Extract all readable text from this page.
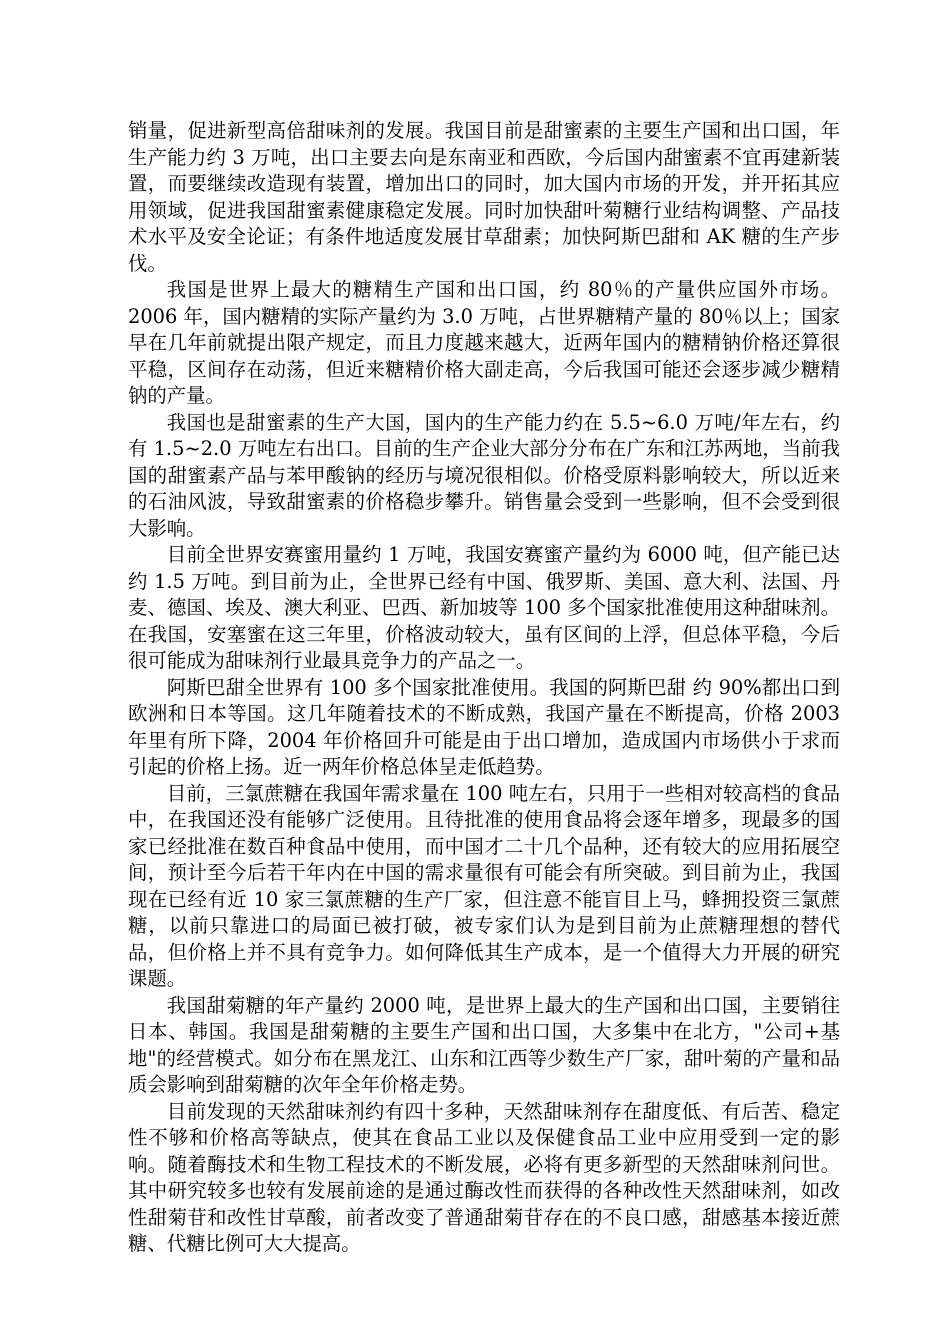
销量，促进新型高倍甜味剂的发展。我国目前是甜蜜素的主要生产国和出口国，年生产能力约 3 万吨，出口主要去向是东南亚和西欧，今后国内甜蜜素不宜再建新装置，而要继续改造现有装置，增加出口的同时，加大国内市场的开发，并开拓其应用领域，促进我国甜蜜素健康稳定发展。同时加快甜叶菊糖行业结构调整、产品技术水平及安全论证；有条件地适度发展甘草甜素；加快阿斯巴甜和 AK 糖的生产步伐。

我国是世界上最大的糖精生产国和出口国，约 80％的产量供应国外市场。2006 年，国内糖精的实际产量约为 3.0 万吨，占世界糖精产量的 80％以上；国家早在几年前就提出限产规定，而且力度越来越大，近两年国内的糖精钠价格还算很平稳，区间存在动荡，但近来糖精价格大副走高，今后我国可能还会逐步减少糖精钠的产量。

我国也是甜蜜素的生产大国，国内的生产能力约在 5.5~6.0 万吨/年左右，约有 1.5~2.0 万吨左右出口。目前的生产企业大部分分布在广东和江苏两地，当前我国的甜蜜素产品与苯甲酸钠的经历与境况很相似。价格受原料影响较大，所以近来的石油风波，导致甜蜜素的价格稳步攀升。销售量会受到一些影响，但不会受到很大影响。

目前全世界安赛蜜用量约 1 万吨，我国安赛蜜产量约为 6000 吨，但产能已达约 1.5 万吨。到目前为止，全世界已经有中国、俄罗斯、美国、意大利、法国、丹麦、德国、埃及、澳大利亚、巴西、新加坡等 100 多个国家批准使用这种甜味剂。在我国，安塞蜜在这三年里，价格波动较大，虽有区间的上浮，但总体平稳，今后很可能成为甜味剂行业最具竞争力的产品之一。

阿斯巴甜全世界有 100 多个国家批准使用。我国的阿斯巴甜 约 90%都出口到欧洲和日本等国。这几年随着技术的不断成熟，我国产量在不断提高，价格 2003 年里有所下降，2004 年价格回升可能是由于出口增加，造成国内市场供小于求而引起的价格上扬。近一两年价格总体呈走低趋势。

目前，三氯蔗糖在我国年需求量在 100 吨左右，只用于一些相对较高档的食品中，在我国还没有能够广泛使用。且待批准的使用食品将会逐年增多，现最多的国家已经批准在数百种食品中使用，而中国才二十几个品种，还有较大的应用拓展空间，预计至今后若干年内在中国的需求量很有可能会有所突破。到目前为止，我国现在已经有近 10 家三氯蔗糖的生产厂家，但注意不能盲目上马，蜂拥投资三氯蔗糖，以前只靠进口的局面已被打破，被专家们认为是到目前为止蔗糖理想的替代品，但价格上并不具有竞争力。如何降低其生产成本，是一个值得大力开展的研究课题。

我国甜菊糖的年产量约 2000 吨，是世界上最大的生产国和出口国，主要销往日本、韩国。我国是甜菊糖的主要生产国和出口国，大多集中在北方，"公司+基地"的经营模式。如分布在黑龙江、山东和江西等少数生产厂家，甜叶菊的产量和品质会影响到甜菊糖的次年全年价格走势。

目前发现的天然甜味剂约有四十多种，天然甜味剂存在甜度低、有后苦、稳定性不够和价格高等缺点，使其在食品工业以及保健食品工业中应用受到一定的影响。随着酶技术和生物工程技术的不断发展，必将有更多新型的天然甜味剂问世。其中研究较多也较有发展前途的是通过酶改性而获得的各种改性天然甜味剂，如改性甜菊苷和改性甘草酸，前者改变了普通甜菊苷存在的不良口感，甜感基本接近蔗糖、代糖比例可大大提高。
